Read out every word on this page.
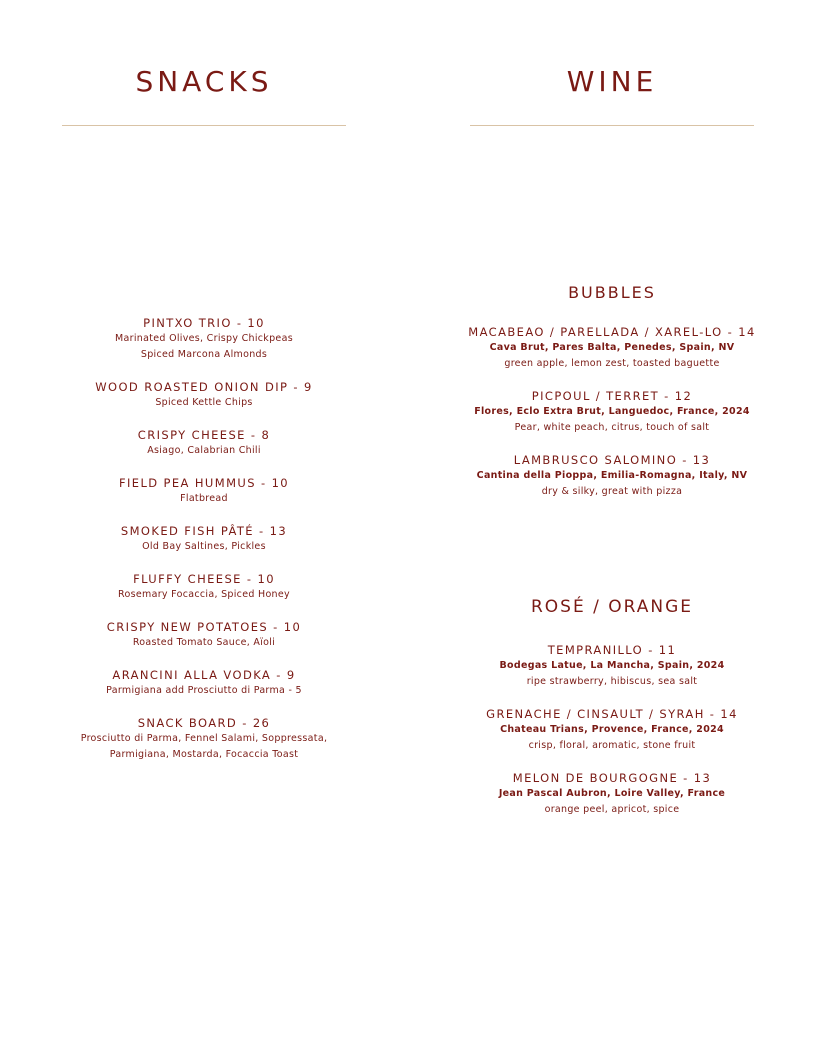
SNACKS
PINTXO TRIO - 10
Marinated Olives, Crispy Chickpeas
Spiced Marcona Almonds
WOOD ROASTED ONION DIP - 9
Spiced Kettle Chips
CRISPY CHEESE - 8
Asiago, Calabrian Chili
FIELD PEA HUMMUS - 10
Flatbread
SMOKED FISH PÂTÉ - 13
Old Bay Saltines, Pickles
FLUFFY CHEESE - 10
Rosemary Focaccia, Spiced Honey
CRISPY NEW POTATOES - 10
Roasted Tomato Sauce, Aïoli
ARANCINI ALLA VODKA - 9
Parmigiana add Prosciutto di Parma - 5
SNACK BOARD - 26
Prosciutto di Parma, Fennel Salami, Soppressata,
Parmigiana, Mostarda, Focaccia Toast
WINE
BUBBLES
MACABEAO / PARELLADA / XAREL-LO - 14
Cava Brut, Pares Balta, Penedes, Spain, NV
green apple, lemon zest, toasted baguette
PICPOUL / TERRET - 12
Flores, Eclo Extra Brut, Languedoc, France, 2024
Pear, white peach, citrus, touch of salt
LAMBRUSCO SALOMINO - 13
Cantina della Pioppa, Emilia-Romagna, Italy, NV
dry & silky, great with pizza
ROSÉ / ORANGE
TEMPRANILLO - 11
Bodegas Latue, La Mancha, Spain, 2024
ripe strawberry, hibiscus, sea salt
GRENACHE / CINSAULT / SYRAH - 14
Chateau Trians, Provence, France, 2024
crisp, floral, aromatic, stone fruit
MELON DE BOURGOGNE - 13
Jean Pascal Aubron, Loire Valley, France
orange peel, apricot, spice
